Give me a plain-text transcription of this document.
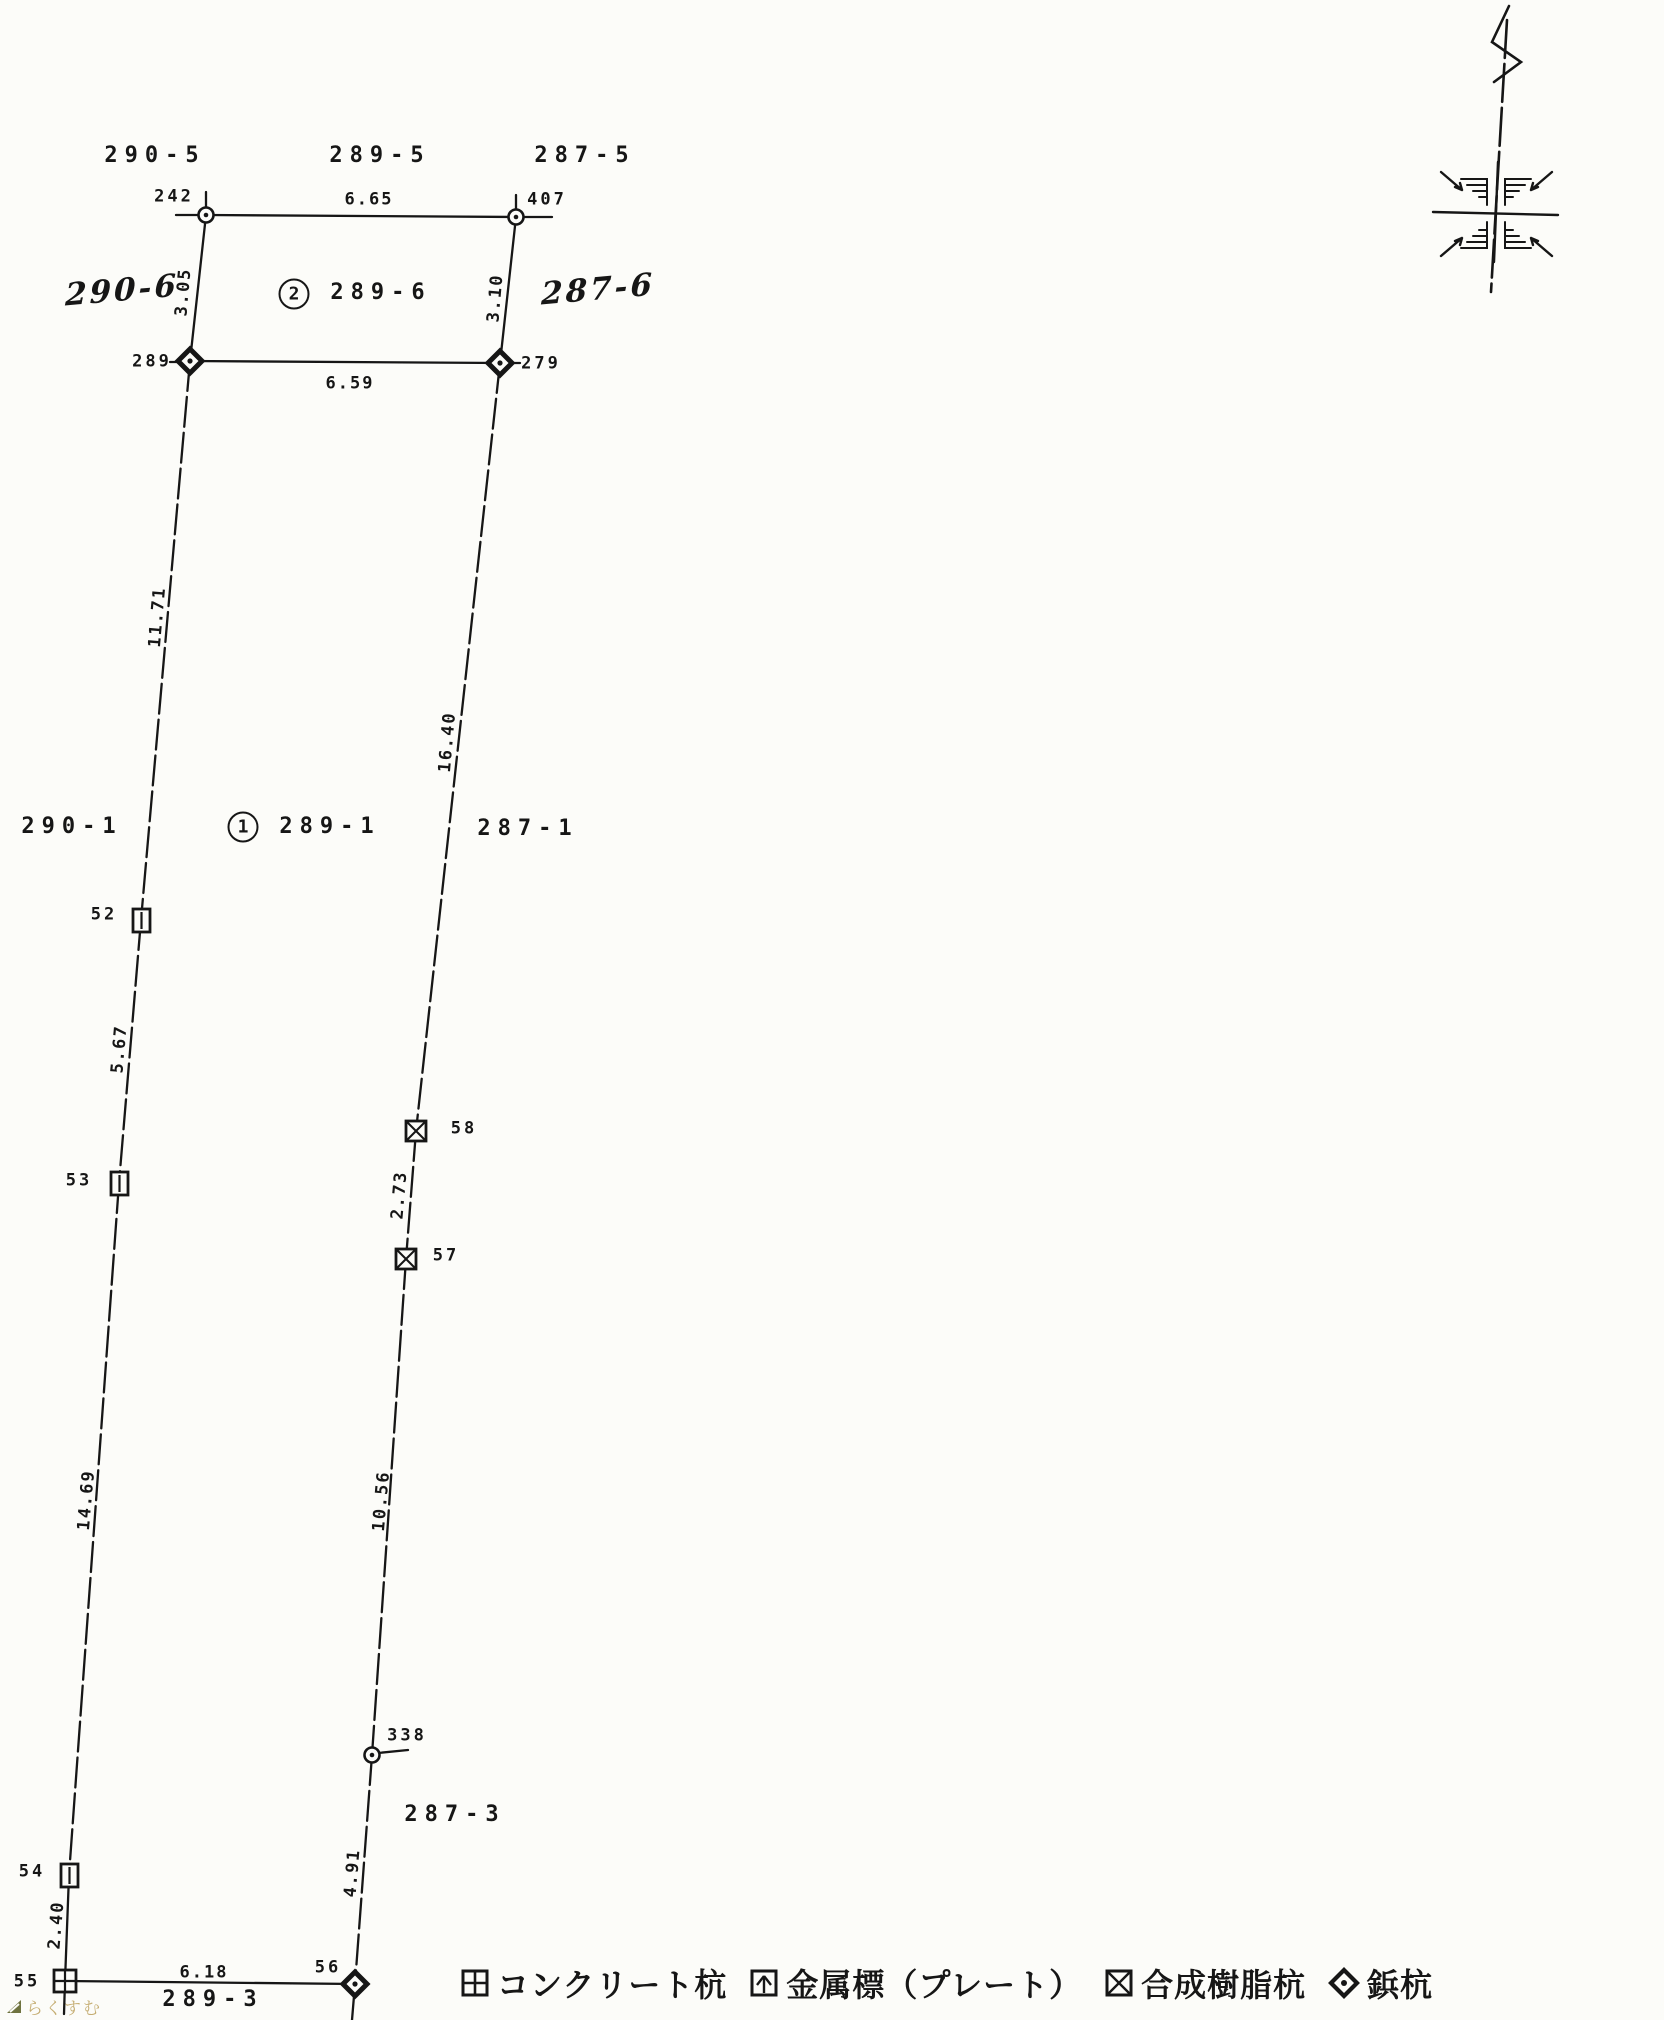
290-5	289-5	287-5
290-6	2	289-6	287-6
290-1	1	289-1	287-1
287-3
289-3
242	407
289	279
52
53
58
57
338
54
55
56
6.65
6.59
6.18
3.05	3.10
11.71
16.40
5.67
2.73
14.69	10.56
4.91
2.40
コンクリート杭 金属標（プレート） 合成樹脂杭 鋲杭
らくすむ
